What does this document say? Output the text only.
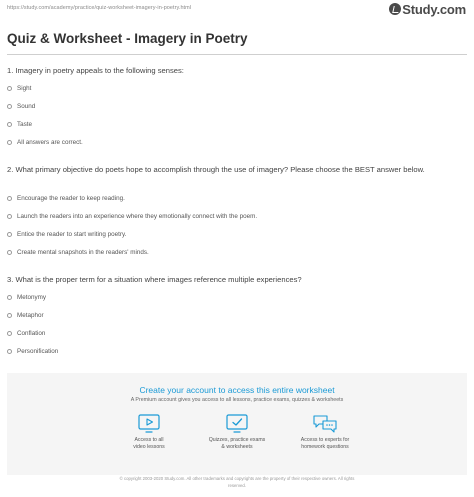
https://study.com/academy/practice/quiz-worksheet-imagery-in-poetry.html	Study.com
Quiz & Worksheet - Imagery in Poetry
1. Imagery in poetry appeals to the following senses:
Sight
Sound
Taste
All answers are correct.
2. What primary objective do poets hope to accomplish through the use of imagery? Please choose the BEST answer below.
Encourage the reader to keep reading.
Launch the readers into an experience where they emotionally connect with the poem.
Entice the reader to start writing poetry.
Create mental snapshots in the readers' minds.
3. What is the proper term for a situation where images reference multiple experiences?
Metonymy
Metaphor
Conflation
Personification
Create your account to access this entire worksheet
A Premium account gives you access to all lessons, practice exams, quizzes & worksheets
Access to all
video lessons
Quizzes, practice exams
& worksheets
Access to experts for
homework questions
© copyright 2003-2020 Study.com. All other trademarks and copyrights are the property of their respective owners. All rights
reserved.
